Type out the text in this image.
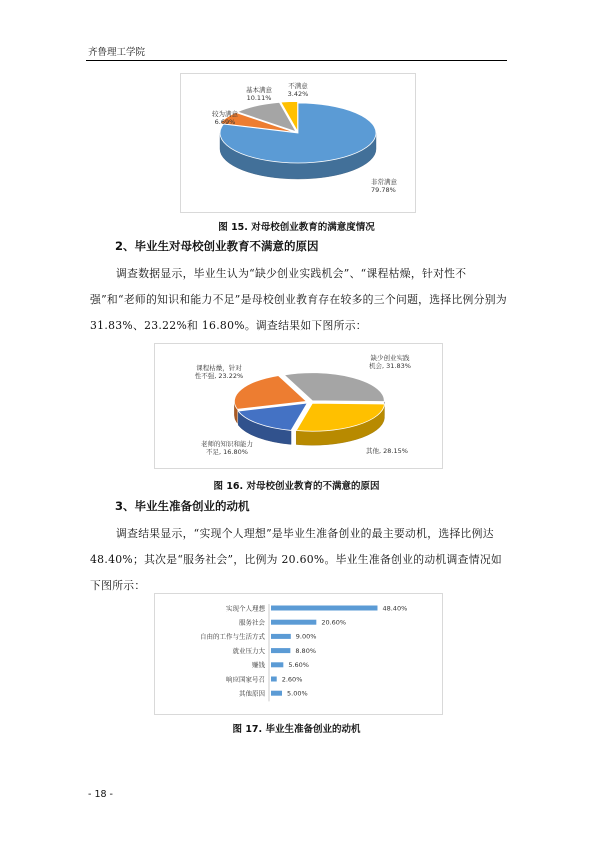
齐鲁理工学院
非常满意 79.78%
较为满意 6.69%
基本满意 10.11%
不满意 3.42%
图 15. 对母校创业教育的满意度情况
2、毕业生对母校创业教育不满意的原因

调查数据显示，毕业生认为“缺少创业实践机会”、“课程枯燥，针对性不强”和“老师的知识和能力不足”是母校创业教育存在较多的三个问题，选择比例分别为 31.83%、23.22%和 16.80%。调查结果如下图所示：

缺少创业实践机会, 31.83%
其他, 28.15%
老师的知识和能力不足, 16.80%
课程枯燥，针对性不强, 23.22%
图 16. 对母校创业教育的不满意的原因
3、毕业生准备创业的动机

调查结果显示，“实现个人理想”是毕业生准备创业的最主要动机，选择比例达 48.40%；其次是“服务社会”，比例为 20.60%。毕业生准备创业的动机调查情况如下图所示：

实现个人理想	48.40%
服务社会	20.60%
自由的工作与生活方式	9.00%
就业压力大	8.80%
赚钱	5.60%
响应国家号召	2.60%
其他原因	5.00%
图 17. 毕业生准备创业的动机
- 18 -
